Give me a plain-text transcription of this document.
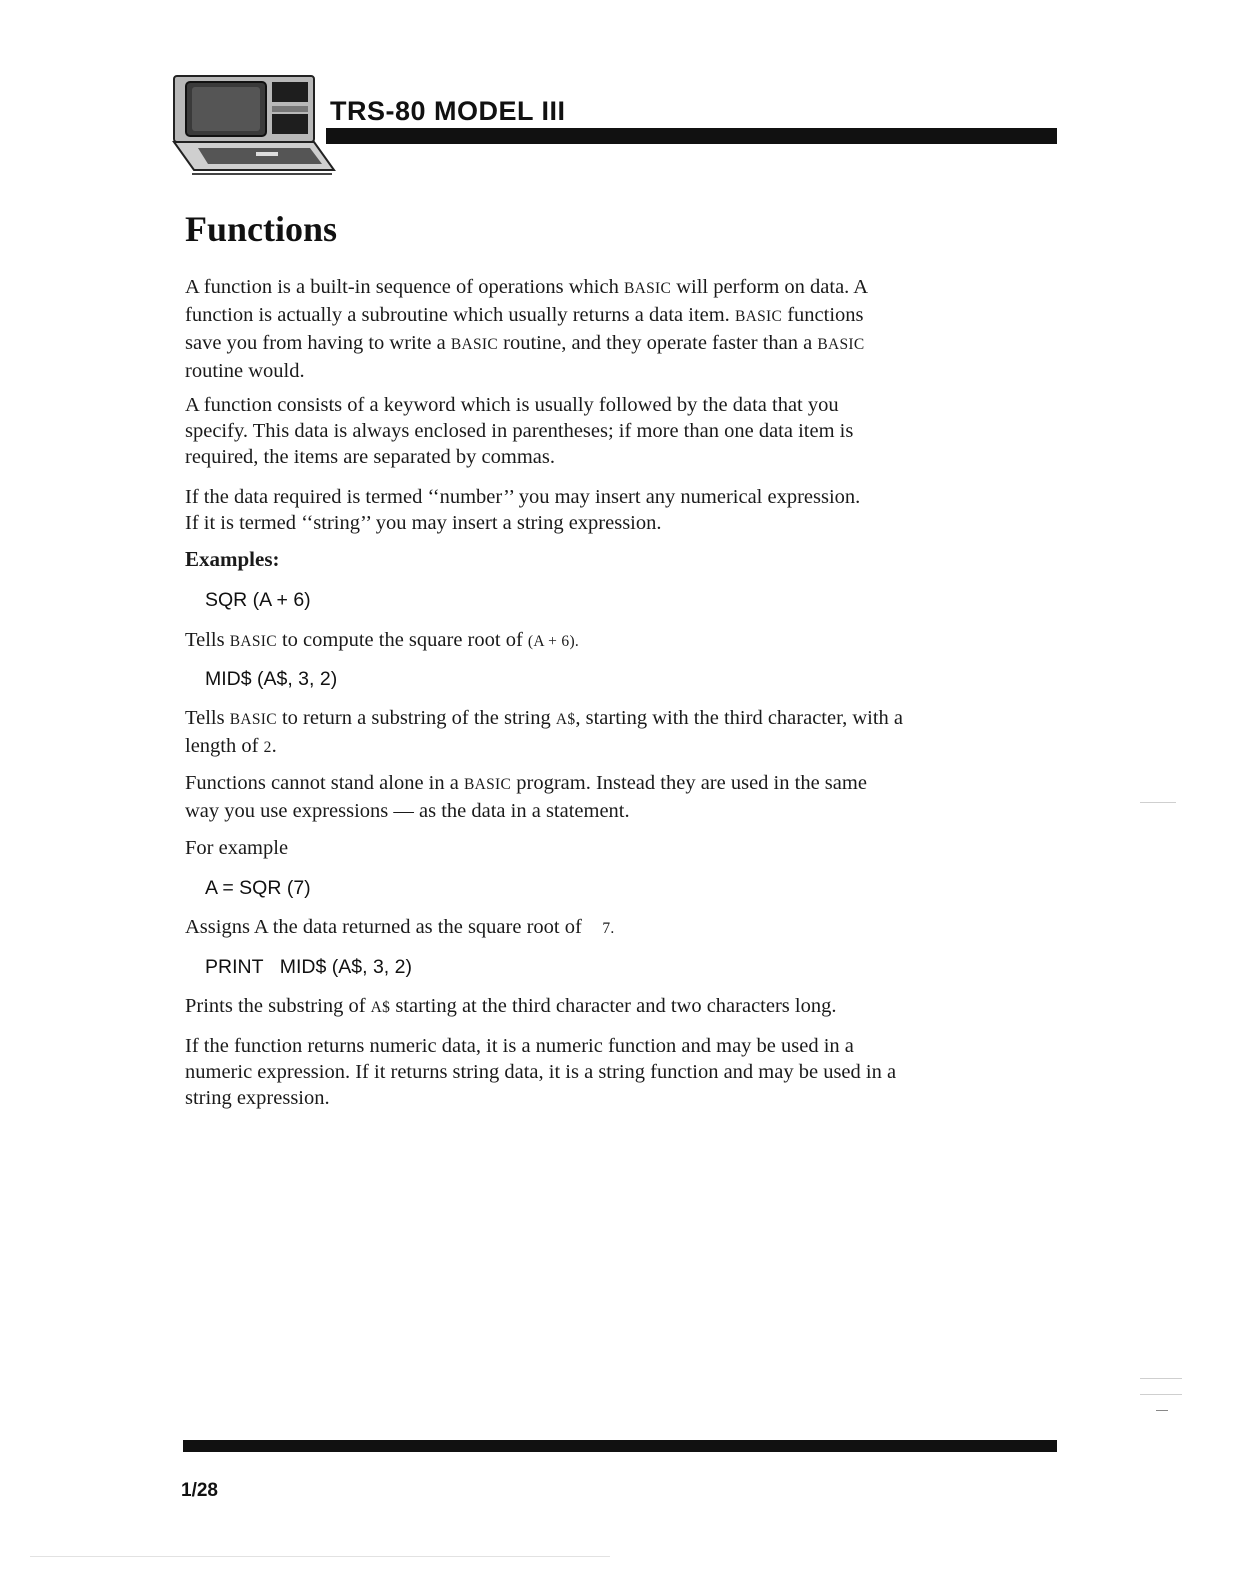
TRS-80 MODEL III
Functions

A function is a built-in sequence of operations which BASIC will perform on data. A function is actually a subroutine which usually returns a data item. BASIC functions save you from having to write a BASIC routine, and they operate faster than a BASIC routine would.

A function consists of a keyword which is usually followed by the data that you specify. This data is always enclosed in parentheses; if more than one data item is required, the items are separated by commas.

If the data required is termed ‘‘number’’ you may insert any numerical expression.
If it is termed ‘‘string’’ you may insert a string expression.

Examples:
SQR (A + 6)

Tells BASIC to compute the square root of (A + 6).

MID$ (A$, 3, 2)

Tells BASIC to return a substring of the string A$, starting with the third character, with a length of 2.

Functions cannot stand alone in a BASIC program. Instead they are used in the same way you use expressions — as the data in a statement.

For example

A = SQR (7)

Assigns A the data returned as the square root of 7.

PRINT MID$ (A$, 3, 2)

Prints the substring of A$ starting at the third character and two characters long.

If the function returns numeric data, it is a numeric function and may be used in a numeric expression. If it returns string data, it is a string function and may be used in a string expression.

1/28
